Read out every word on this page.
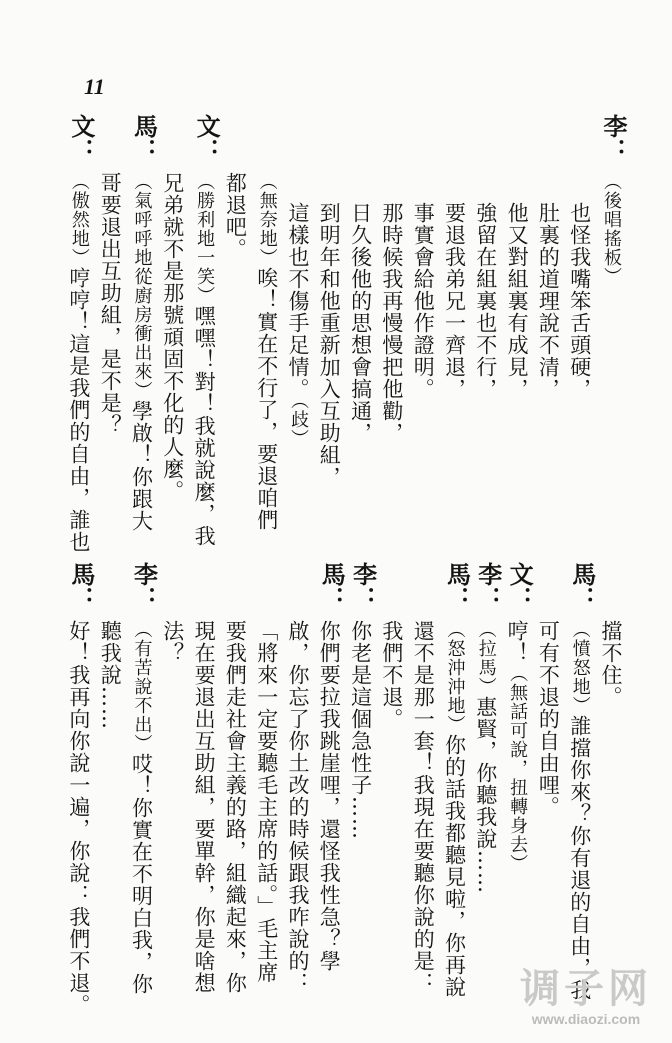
11
李：
（後唱搖板）
也怪我嘴笨舌頭硬，
肚裏的道理說不清，
他又對組裏有成見，
強留在組裏也不行，
要退我弟兄一齊退，
事實會給他作證明。
那時候我再慢慢把他勸，
日久後他的思想會搞通，
到明年和他重新加入互助組，
這樣也不傷手足情。（歧）
（無奈地）唉！實在不行了，要退咱們
都退吧。
文：
（勝利地一笑）嘿嘿！對！我就說麼，我
兄弟就不是那號頑固不化的人麼。
馬：
（氣呼呼地從廚房衝出來）學啟！你跟大
哥要退出互助組，是不是？
文：
（傲然地）哼哼！這是我們的自由，誰也
擋不住。
馬：
（憤怒地）誰擋你來？你有退的自由，我
可有不退的自由哩。
文：
哼！（無話可說，扭轉身去）
李：
（拉馬）惠賢，你聽我說……
馬：
（怒沖沖地）你的話我都聽見啦，你再說
還不是那一套！我現在要聽你說的是：
我們不退。
李：
你老是這個急性子……
馬：
你們要拉我跳崖哩，還怪我性急？學
啟，你忘了你土改的時候跟我咋說的：
「將來一定要聽毛主席的話。」毛主席
要我們走社會主義的路，組織起來，你
現在要退出互助組，要單幹，你是啥想
法？
李：
（有苦說不出）哎！你實在不明白我，你
聽我說……
馬：
好！我再向你說一遍，你說：我們不退。	调子网
www.diaozi.com
